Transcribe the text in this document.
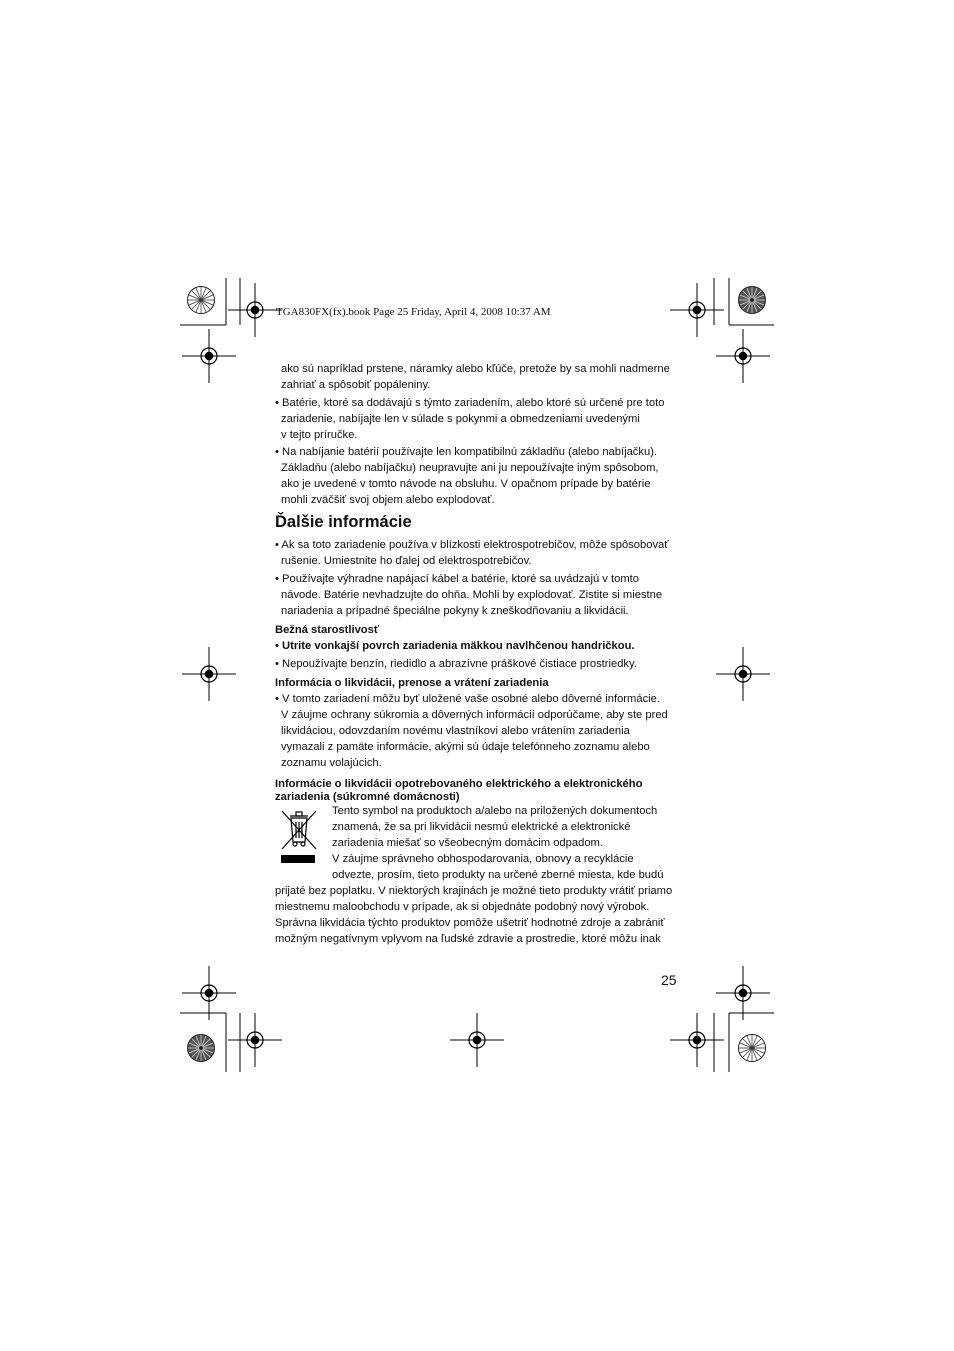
TGA830FX(fx).book Page 25 Friday, April 4, 2008 10:37 AM
ako sú napríklad prstene, náramky alebo kľúče, pretože by sa mohli nadmerne
zahriať a spôsobiť popáleniny.
• Batérie, ktoré sa dodávajú s týmto zariadením, alebo ktoré sú určené pre toto
zariadenie, nabíjajte len v súlade s pokynmi a obmedzeniami uvedenými
v tejto príručke.
• Na nabíjanie batérií používajte len kompatibilnú základňu (alebo nabíjačku).
Základňu (alebo nabíjačku) neupravujte ani ju nepoužívajte iným spôsobom,
ako je uvedené v tomto návode na obsluhu. V opačnom prípade by batérie
mohli zväčšiť svoj objem alebo explodovať.
Ďalšie informácie
• Ak sa toto zariadenie používa v blízkosti elektrospotrebičov, môže spôsobovať
rušenie. Umiestnite ho ďalej od elektrospotrebičov.
• Používajte výhradne napájací kábel a batérie, ktoré sa uvádzajú v tomto
návode. Batérie nevhadzujte do ohňa. Mohli by explodovať. Zistite si miestne
nariadenia a prípadné špeciálne pokyny k zneškodňovaniu a likvidácii.
Bežná starostlivosť
• Utrite vonkajší povrch zariadenia mäkkou navlhčenou handričkou.
• Nepoužívajte benzín, riedidlo a abrazívne práškové čistiace prostriedky.
Informácia o likvidácii, prenose a vrátení zariadenia
• V tomto zariadení môžu byť uložené vaše osobné alebo dôverné informácie.
V záujme ochrany súkromia a dôverných informácií odporúčame, aby ste pred
likvidáciou, odovzdaním novému vlastníkovi alebo vrátením zariadenia
vymazali z pamäte informácie, akými sú údaje telefónneho zoznamu alebo
zoznamu volajúcich.
Informácie o likvidácii opotrebovaného elektrického a elektronického
zariadenia (súkromné domácnosti)
Tento symbol na produktoch a/alebo na priložených dokumentoch
znamená, že sa pri likvidácii nesmú elektrické a elektronické
zariadenia miešať so všeobecným domácim odpadom.
V záujme správneho obhospodarovania, obnovy a recyklácie
odvezte, prosím, tieto produkty na určené zberné miesta, kde budú
prijaté bez poplatku. V niektorých krajinách je možné tieto produkty vrátiť priamo
miestnemu maloobchodu v prípade, ak si objednáte podobný nový výrobok.
Správna likvidácia týchto produktov pomôže ušetriť hodnotné zdroje a zabrániť
možným negatívnym vplyvom na ľudské zdravie a prostredie, ktoré môžu inak
25
